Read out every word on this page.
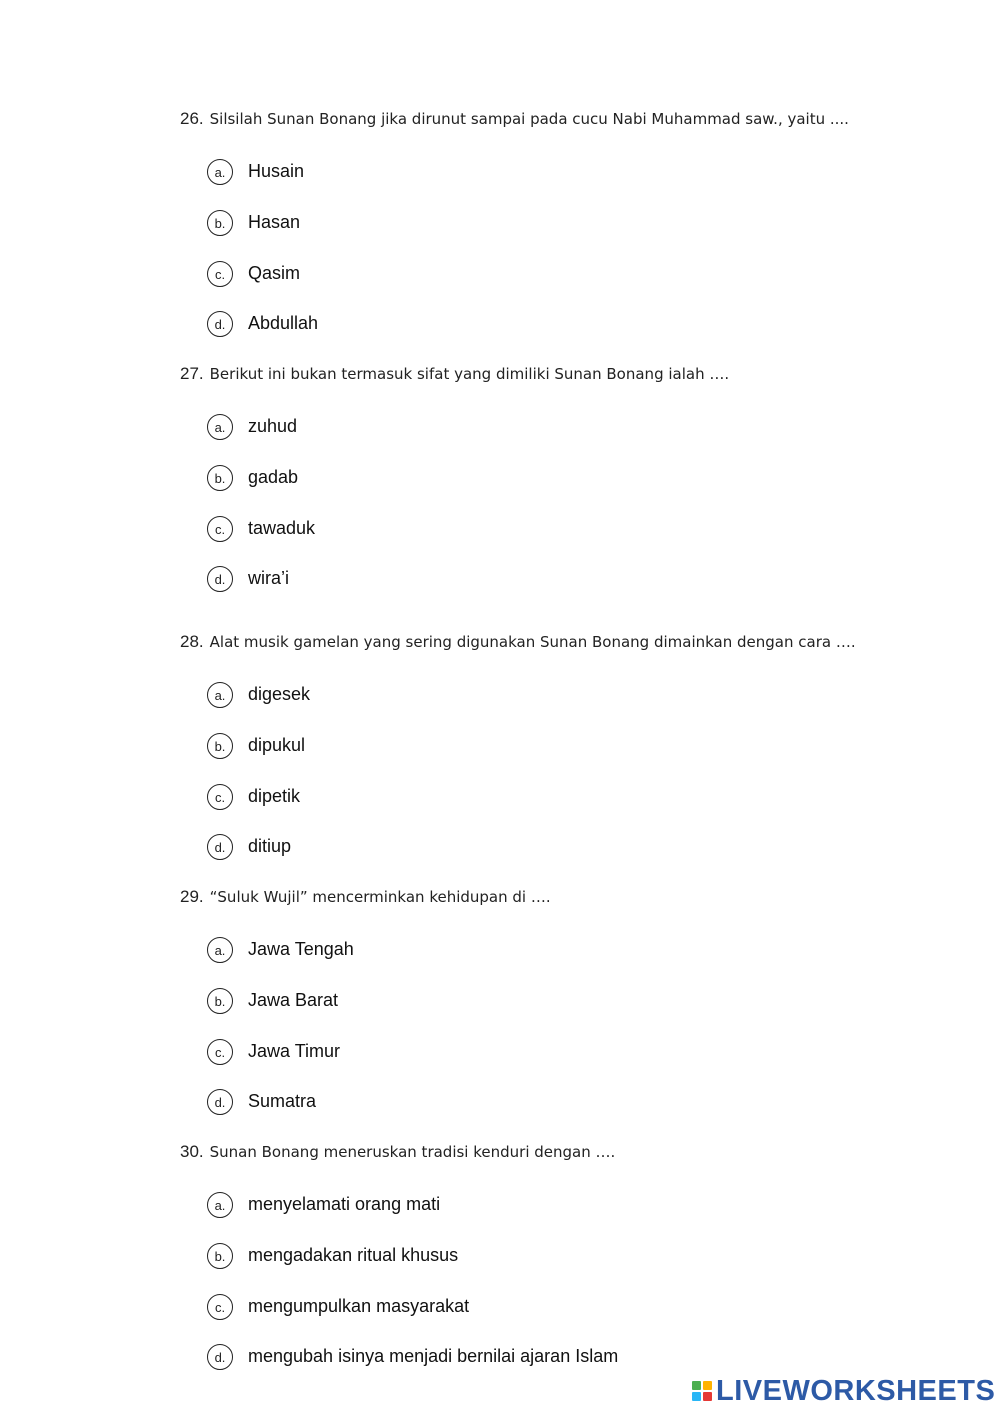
26. Silsilah Sunan Bonang jika dirunut sampai pada cucu Nabi Muhammad saw., yaitu ....
a.	Husain
b.	Hasan
c.	Qasim
d.	Abdullah
27. Berikut ini bukan termasuk sifat yang dimiliki Sunan Bonang ialah ….
a.	zuhud
b.	gadab
c.	tawaduk
d.	wira’i
28. Alat musik gamelan yang sering digunakan Sunan Bonang dimainkan dengan cara ….
a.	digesek
b.	dipukul
c.	dipetik
d.	ditiup
29. “Suluk Wujil” mencerminkan kehidupan di ….
a.	Jawa Tengah
b.	Jawa Barat
c.	Jawa Timur
d.	Sumatra
30. Sunan Bonang meneruskan tradisi kenduri dengan ….
a.	menyelamati orang mati
b.	mengadakan ritual khusus
c.	mengumpulkan masyarakat
d.	mengubah isinya menjadi bernilai ajaran Islam
LIVEWORKSHEETS
